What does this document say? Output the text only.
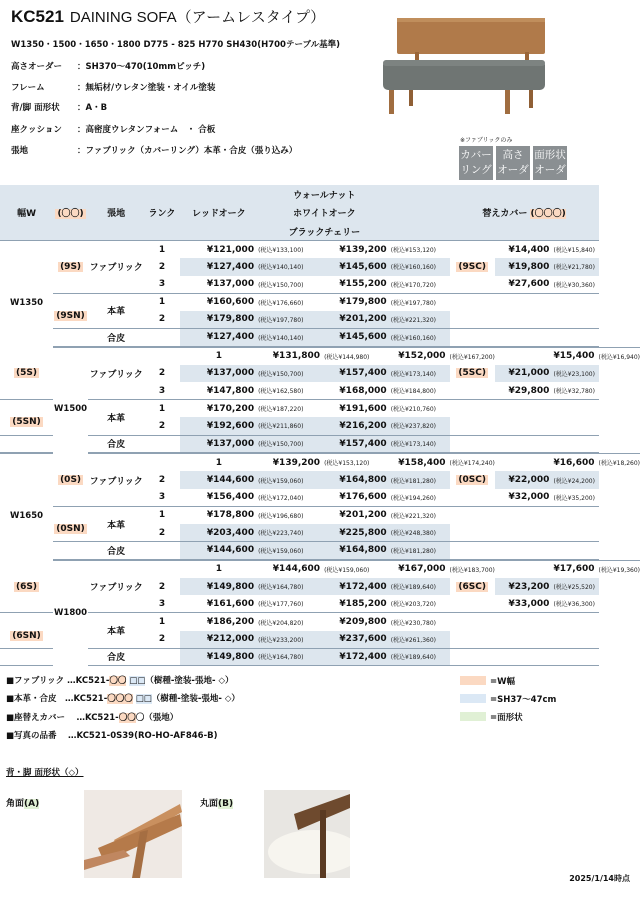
KC521 DAINING SOFA（アームレスタイプ）
W1350・1500・1650・1800 D775 - 825 H770 SH430(H700テーブル基準)
高さオーダー ：SH370～470(10mmピッチ)
フレーム	：無垢材/ウレタン塗装・オイル塗装
背/脚 面形状 ：A・B
座クッション ：高密度ウレタンフォーム　・ 合板
張地	：ファブリック（カバーリング）本革・合皮（張り込み）
※ファブリックのみ
カバー
リング
高さ
オーダー
面形状
オーダー
					ウォールナット						
幅W	(〇〇)	張地	ランク	レッドオーク	ホワイトオーク			替えカバー (〇〇〇)			
					ブラックチェリー						
W1350			1	¥121,000	(税込¥133,100)	¥139,200	(税込¥153,120)		¥14,400	(税込¥15,840)	
	(9S)	ファブリック	2	¥127,400	(税込¥140,140)	¥145,600	(税込¥160,160)	(9SC)	¥19,800	(税込¥21,780)	
			3	¥137,000	(税込¥150,700)	¥155,200	(税込¥170,720)		¥27,600	(税込¥30,360)	
		本革	1	¥160,600	(税込¥176,660)	¥179,800	(税込¥197,780)				
	(9SN)		2	¥179,800	(税込¥197,780)	¥201,200	(税込¥221,320)				
		合皮		¥127,400	(税込¥140,140)	¥145,600	(税込¥160,160)				

	W1500			1	¥131,800	(税込¥144,980)	¥152,000	(税込¥167,200)		¥15,400	(税込¥16,940)
(5S)		ファブリック	2	¥137,000	(税込¥150,700)	¥157,400	(税込¥173,140)	(5SC)	¥21,000	(税込¥23,100)	
			3	¥147,800	(税込¥162,580)	¥168,000	(税込¥184,800)		¥29,800	(税込¥32,780)	
		本革	1	¥170,200	(税込¥187,220)	¥191,600	(税込¥210,760)				
(5SN)			2	¥192,600	(税込¥211,860)	¥216,200	(税込¥237,820)				
		合皮		¥137,000	(税込¥150,700)	¥157,400	(税込¥173,140)				

W1650				1	¥139,200	(税込¥153,120)	¥158,400	(税込¥174,240)		¥16,600	(税込¥18,260)
	(0S)	ファブリック	2	¥144,600	(税込¥159,060)	¥164,800	(税込¥181,280)	(0SC)	¥22,000	(税込¥24,200)	
			3	¥156,400	(税込¥172,040)	¥176,600	(税込¥194,260)		¥32,000	(税込¥35,200)	
		本革	1	¥178,800	(税込¥196,680)	¥201,200	(税込¥221,320)				
	(0SN)		2	¥203,400	(税込¥223,740)	¥225,800	(税込¥248,380)				
		合皮		¥144,600	(税込¥159,060)	¥164,800	(税込¥181,280)				

	W1800			1	¥144,600	(税込¥159,060)	¥167,000	(税込¥183,700)		¥17,600	(税込¥19,360)
(6S)		ファブリック	2	¥149,800	(税込¥164,780)	¥172,400	(税込¥189,640)	(6SC)	¥23,200	(税込¥25,520)	
			3	¥161,600	(税込¥177,760)	¥185,200	(税込¥203,720)		¥33,000	(税込¥36,300)	
		本革	1	¥186,200	(税込¥204,820)	¥209,800	(税込¥230,780)				
(6SN)			2	¥212,000	(税込¥233,200)	¥237,600	(税込¥261,360)				
		合皮		¥149,800	(税込¥164,780)	¥172,400	(税込¥189,640)				

■ファブリック …KC521-〇〇 □□（樹種-塗装-張地- ◇）
■本革・合皮　…KC521-〇〇〇 □□（樹種-塗装-張地- ◇）
■座替えカバー　 …KC521-〇〇〇（張地）
■写真の品番　 …KC521-0S39(RO-HO-AF846-B)
=W幅
=SH37～47cm
=面形状
背・脚 面形状（◇）
角面(A)	丸面(B)
2025/1/14時点
